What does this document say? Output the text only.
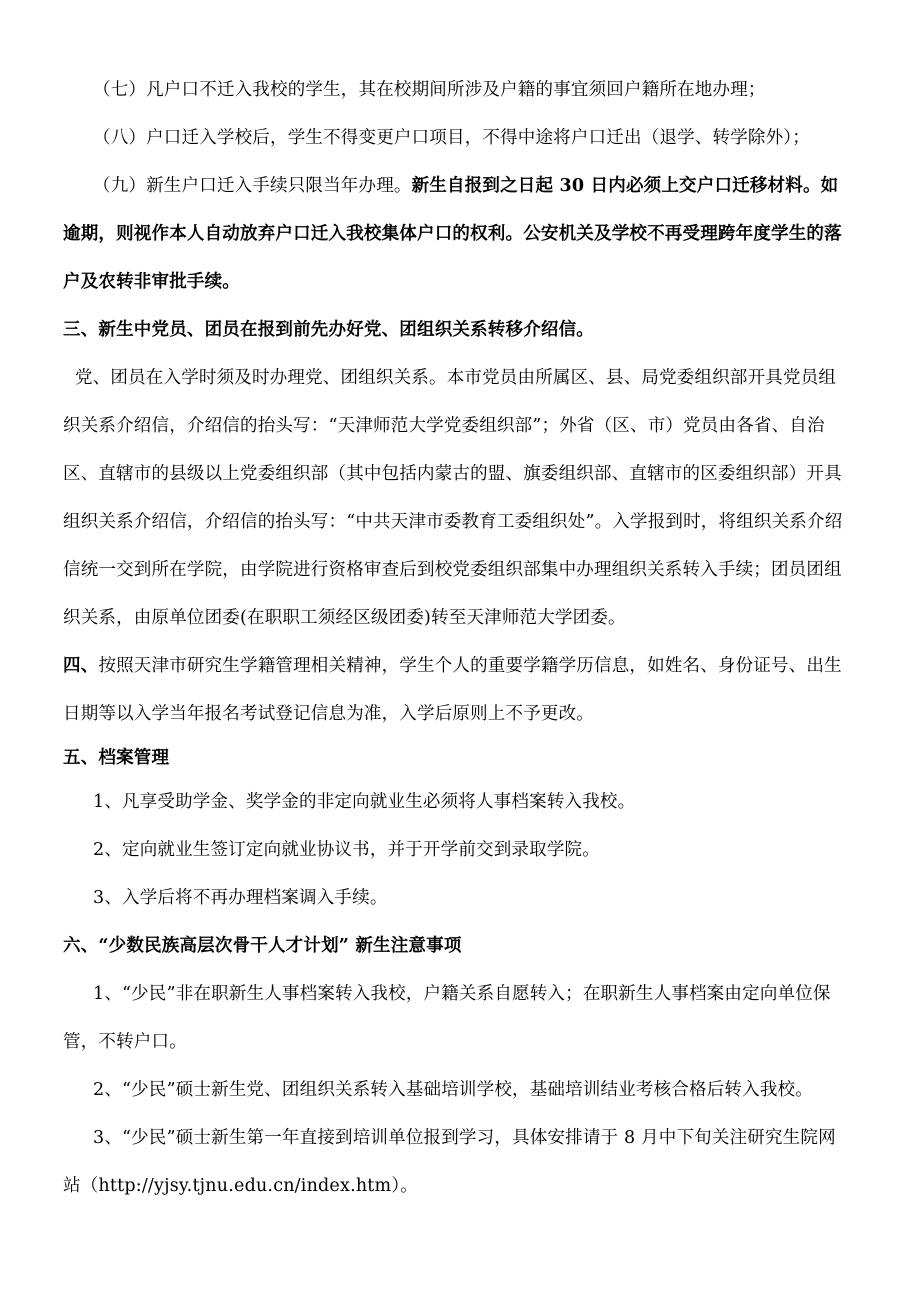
（七）凡户口不迁入我校的学生，其在校期间所涉及户籍的事宜须回户籍所在地办理；

（八）户口迁入学校后，学生不得变更户口项目，不得中途将户口迁出（退学、转学除外）；

（九）新生户口迁入手续只限当年办理。新生自报到之日起 30 日内必须上交户口迁移材料。如逾期，则视作本人自动放弃户口迁入我校集体户口的权利。公安机关及学校不再受理跨年度学生的落户及农转非审批手续。

三、新生中党员、团员在报到前先办好党、团组织关系转移介绍信。

党、团员在入学时须及时办理党、团组织关系。本市党员由所属区、县、局党委组织部开具党员组织关系介绍信，介绍信的抬头写：“天津师范大学党委组织部”；外省（区、市）党员由各省、自治区、直辖市的县级以上党委组织部（其中包括内蒙古的盟、旗委组织部、直辖市的区委组织部）开具组织关系介绍信，介绍信的抬头写：“中共天津市委教育工委组织处”。入学报到时，将组织关系介绍信统一交到所在学院，由学院进行资格审查后到校党委组织部集中办理组织关系转入手续；团员团组织关系，由原单位团委(在职职工须经区级团委)转至天津师范大学团委。

四、按照天津市研究生学籍管理相关精神，学生个人的重要学籍学历信息，如姓名、身份证号、出生日期等以入学当年报名考试登记信息为准，入学后原则上不予更改。

五、档案管理

1、凡享受助学金、奖学金的非定向就业生必须将人事档案转入我校。

2、定向就业生签订定向就业协议书，并于开学前交到录取学院。

3、入学后将不再办理档案调入手续。

六、“少数民族高层次骨干人才计划” 新生注意事项

1、“少民”非在职新生人事档案转入我校，户籍关系自愿转入；在职新生人事档案由定向单位保管，不转户口。

2、“少民”硕士新生党、团组织关系转入基础培训学校，基础培训结业考核合格后转入我校。

3、“少民”硕士新生第一年直接到培训单位报到学习，具体安排请于 8 月中下旬关注研究生院网站（http://yjsy.tjnu.edu.cn/index.htm）。
